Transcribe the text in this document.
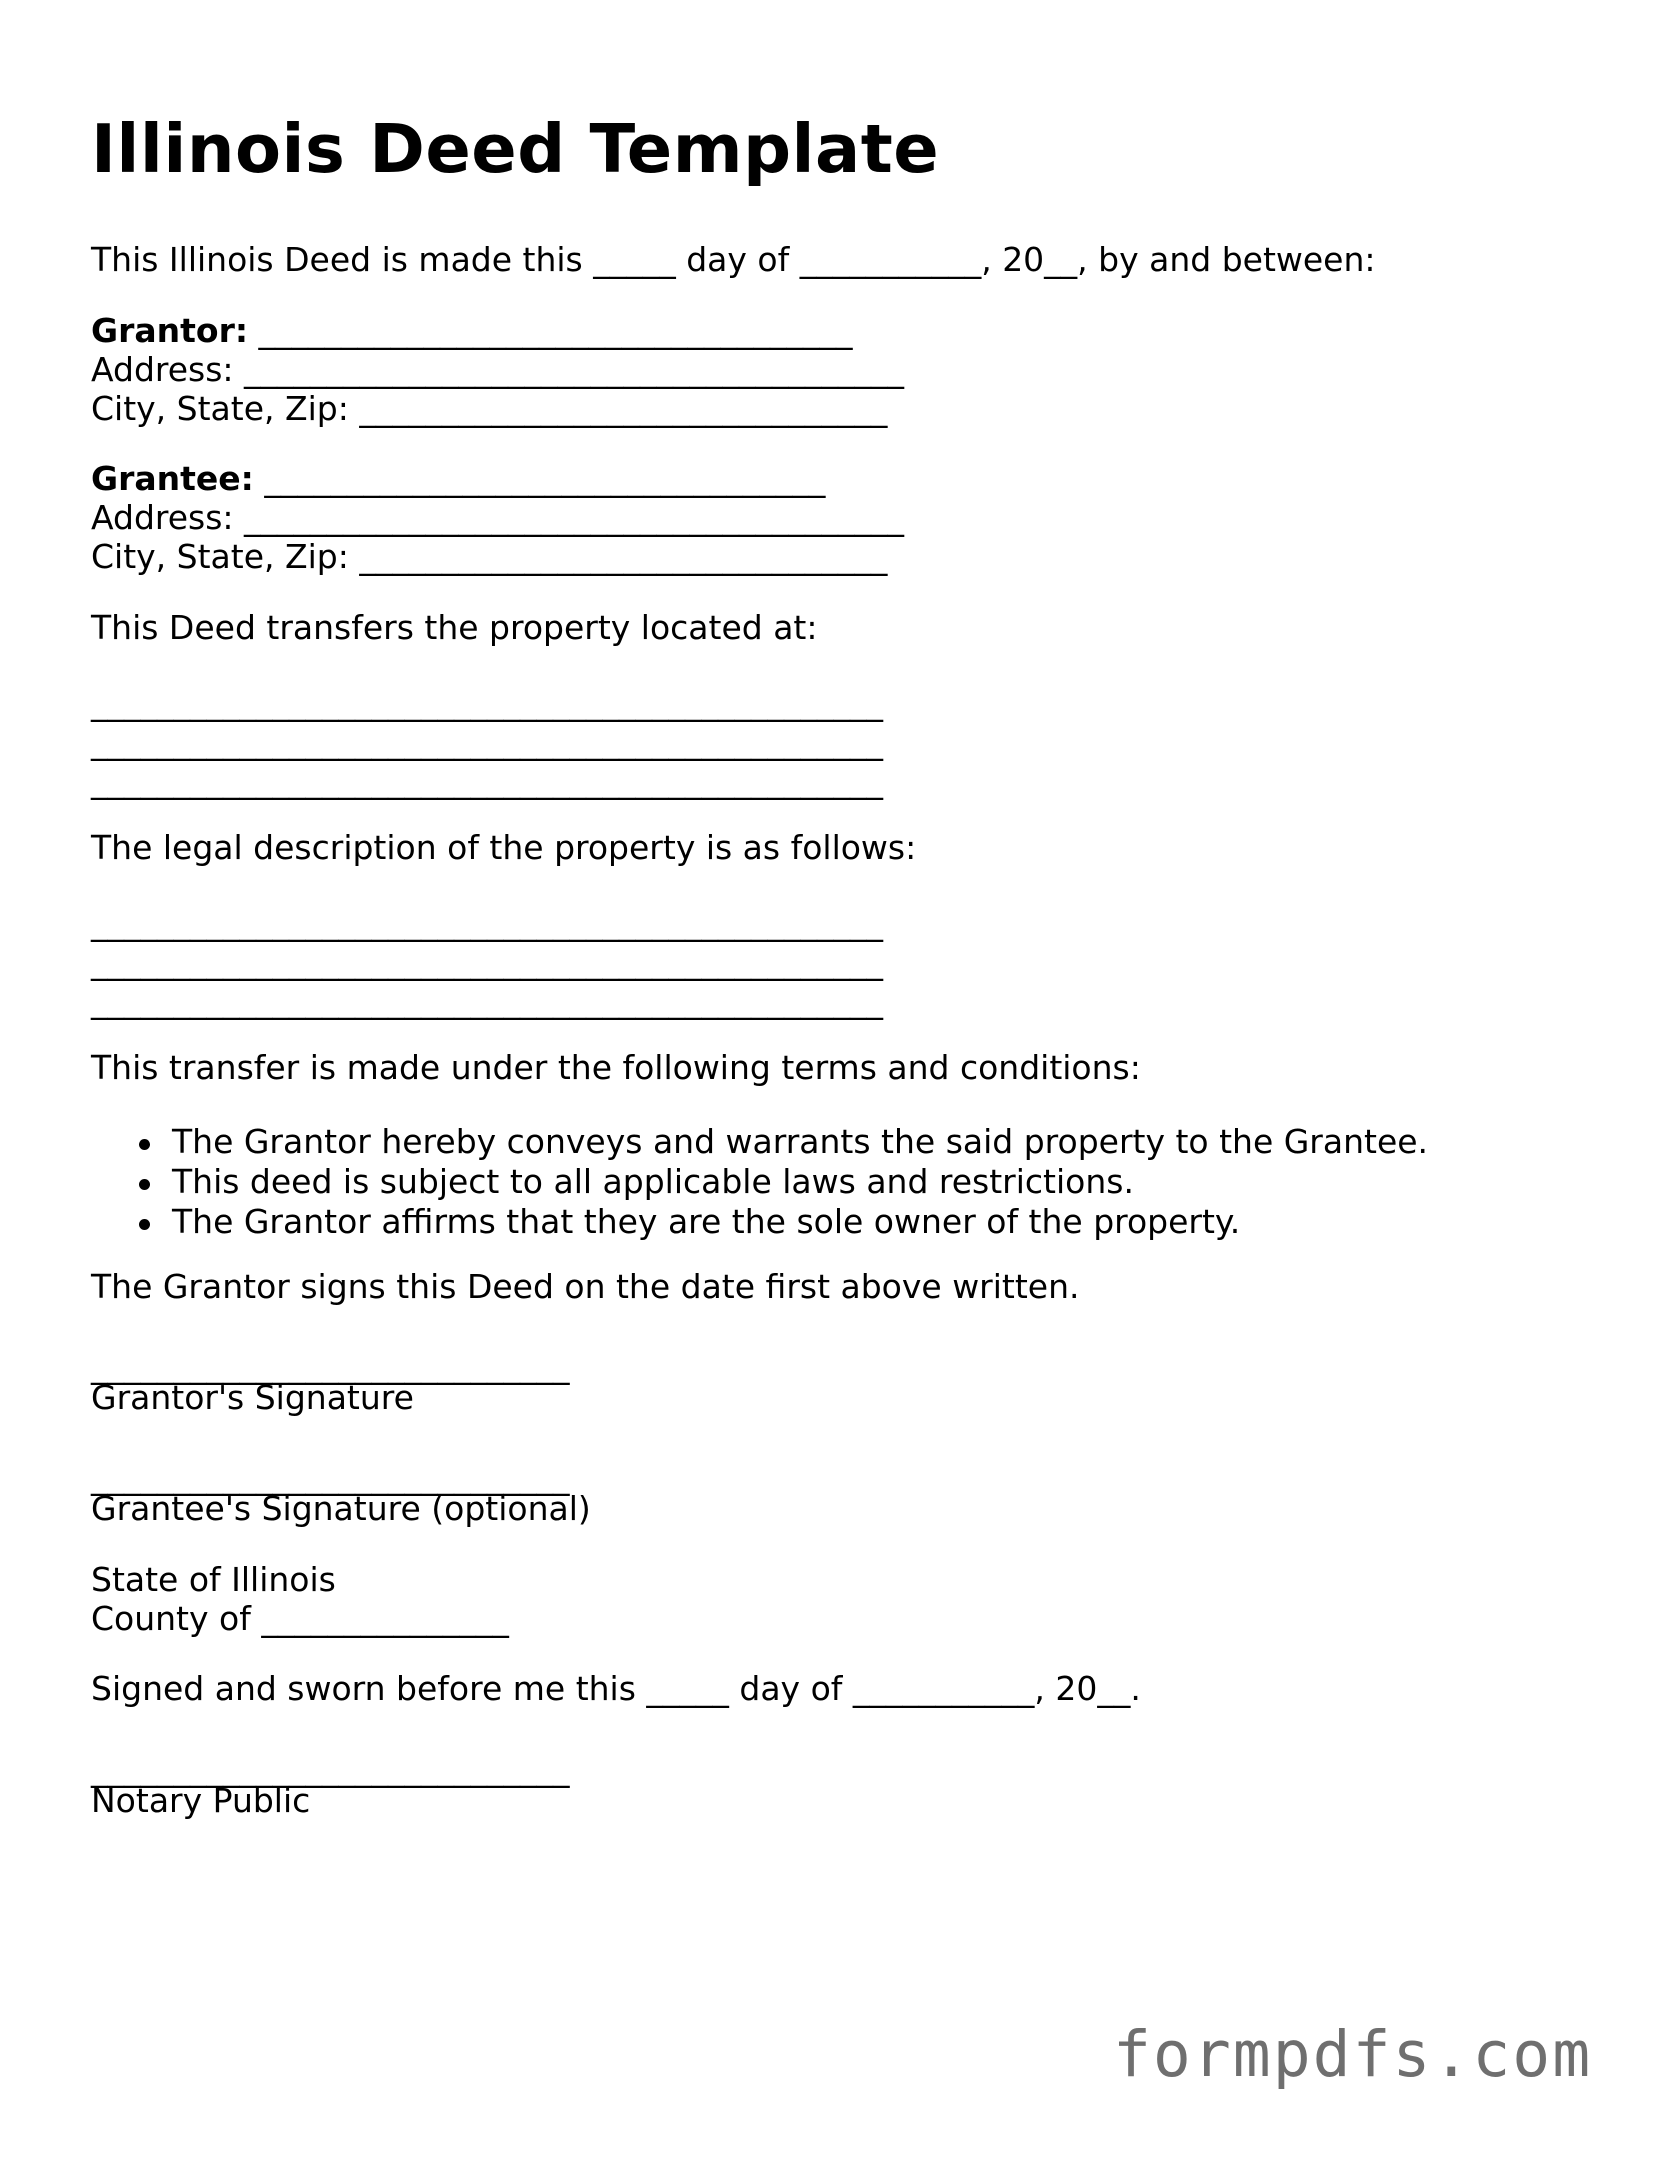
Illinois Deed Template
This Illinois Deed is made this _____ day of ___________, 20__, by and between:
Grantor: ____________________________________
Address: ________________________________________
City, State, Zip: ________________________________
Grantee: __________________________________
Address: ________________________________________
City, State, Zip: ________________________________
This Deed transfers the property located at:
________________________________________________
________________________________________________
________________________________________________
The legal description of the property is as follows:
________________________________________________
________________________________________________
________________________________________________
This transfer is made under the following terms and conditions:
The Grantor hereby conveys and warrants the said property to the Grantee.
This deed is subject to all applicable laws and restrictions.
The Grantor affirms that they are the sole owner of the property.
The Grantor signs this Deed on the date first above written.
_____________________________
Grantor's Signature
_____________________________
Grantee's Signature (optional)
State of Illinois
County of _______________
Signed and sworn before me this _____ day of ___________, 20__.
_____________________________
Notary Public
formpdfs.com
